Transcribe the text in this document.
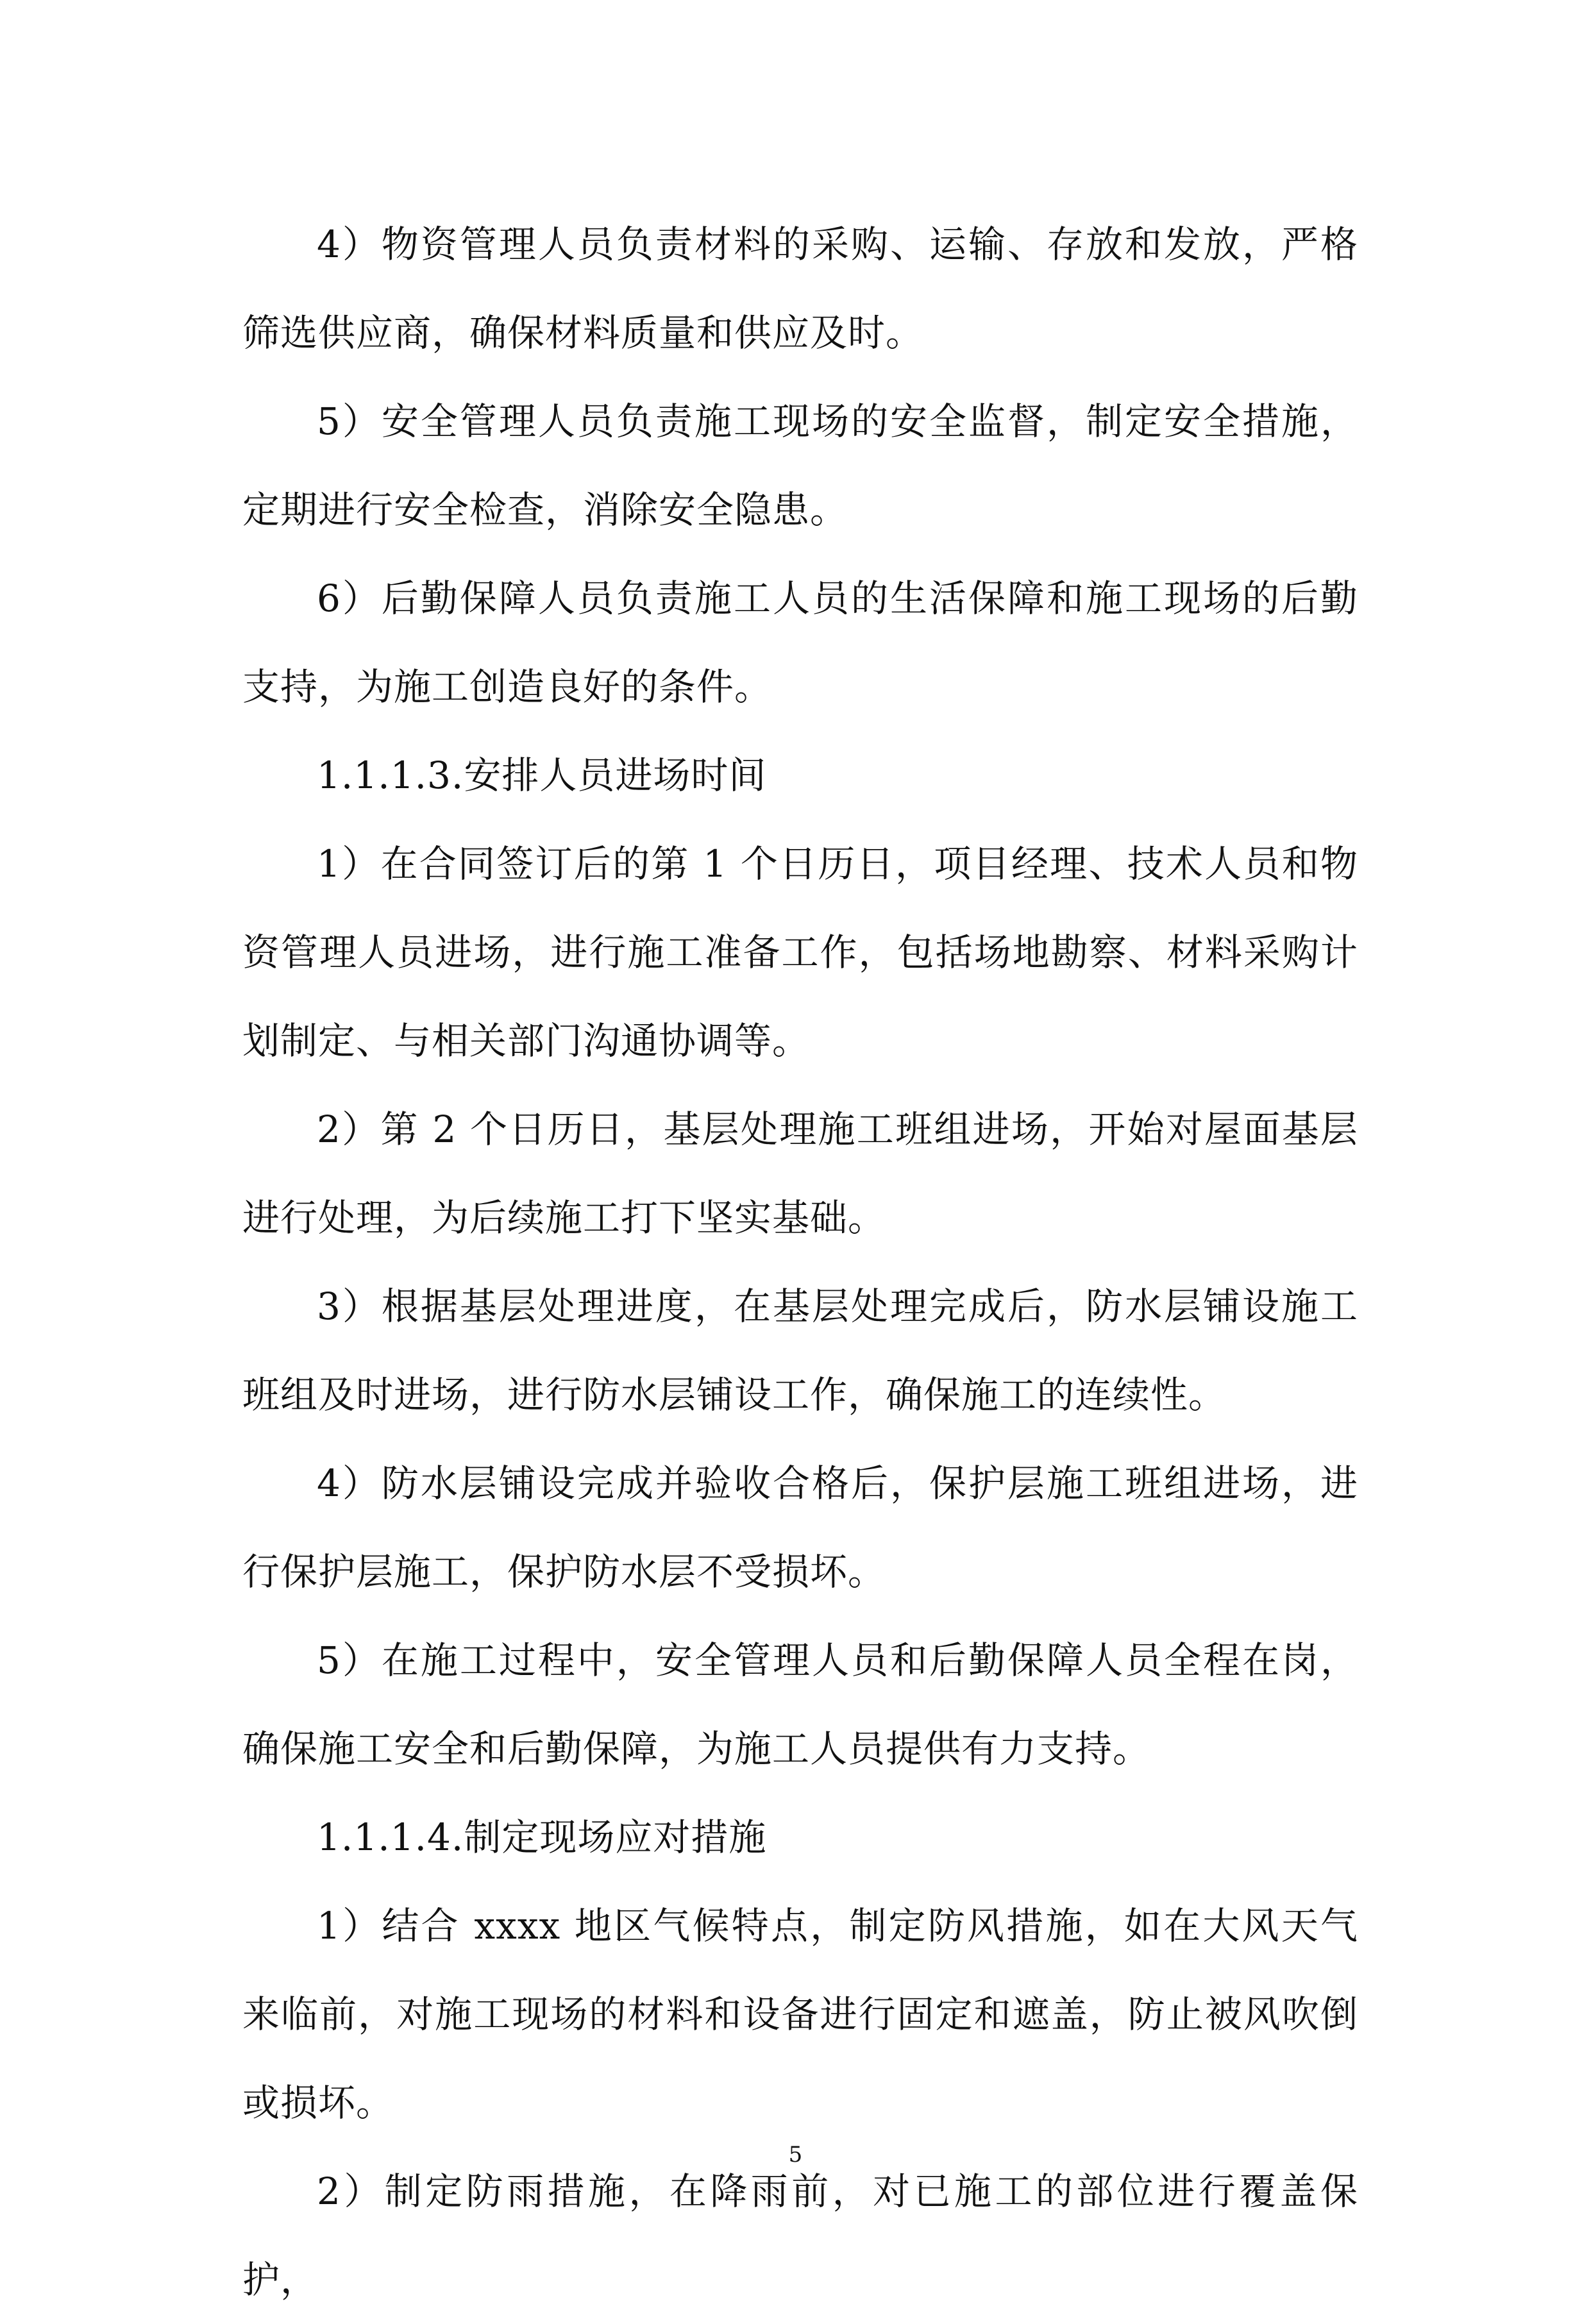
4）物资管理人员负责材料的采购、运输、存放和发放，严格筛选供应商，确保材料质量和供应及时。

5）安全管理人员负责施工现场的安全监督，制定安全措施，定期进行安全检查，消除安全隐患。

6）后勤保障人员负责施工人员的生活保障和施工现场的后勤支持，为施工创造良好的条件。

1.1.1.3.安排人员进场时间

1）在合同签订后的第 1 个日历日，项目经理、技术人员和物资管理人员进场，进行施工准备工作，包括场地勘察、材料采购计划制定、与相关部门沟通协调等。

2）第 2 个日历日，基层处理施工班组进场，开始对屋面基层进行处理，为后续施工打下坚实基础。

3）根据基层处理进度，在基层处理完成后，防水层铺设施工班组及时进场，进行防水层铺设工作，确保施工的连续性。

4）防水层铺设完成并验收合格后，保护层施工班组进场，进行保护层施工，保护防水层不受损坏。

5）在施工过程中，安全管理人员和后勤保障人员全程在岗，确保施工安全和后勤保障，为施工人员提供有力支持。

1.1.1.4.制定现场应对措施

1）结合 xxxx 地区气候特点，制定防风措施，如在大风天气来临前，对施工现场的材料和设备进行固定和遮盖，防止被风吹倒或损坏。

2）制定防雨措施，在降雨前，对已施工的部位进行覆盖保护，

5
